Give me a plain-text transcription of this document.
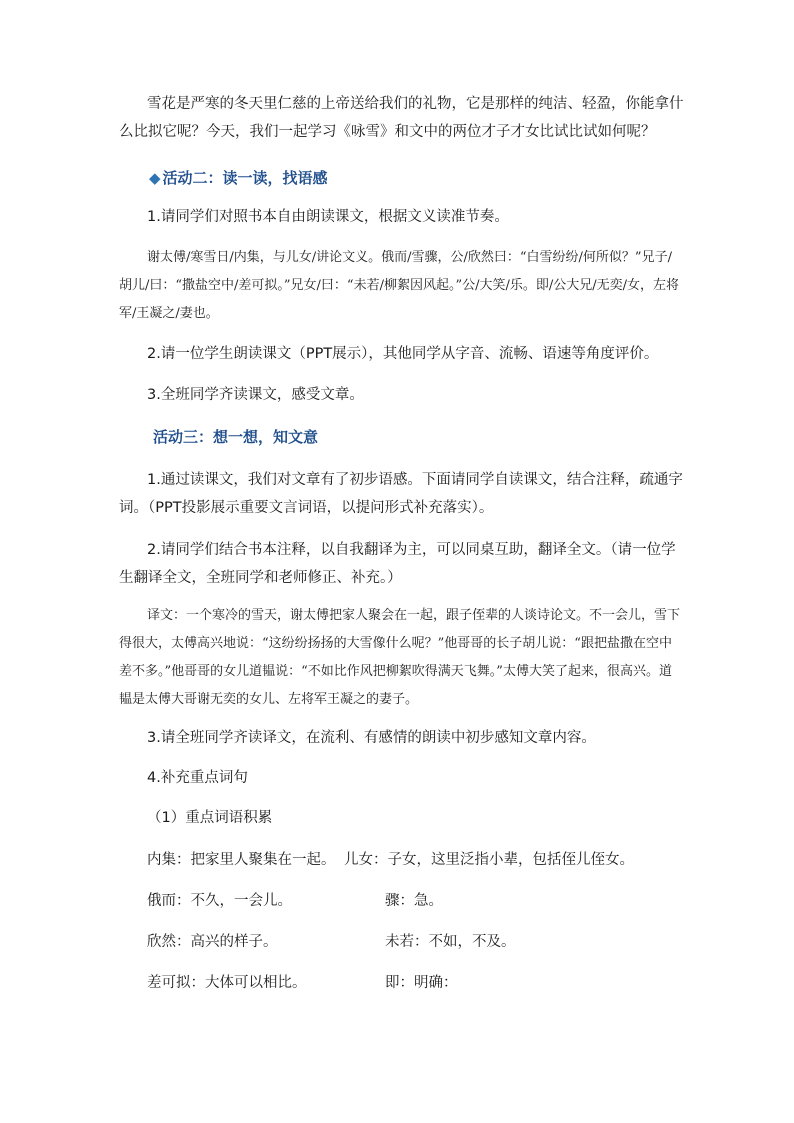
雪花是严寒的冬天里仁慈的上帝送给我们的礼物，它是那样的纯洁、轻盈，你能拿什么比拟它呢？今天，我们一起学习《咏雪》和文中的两位才子才女比试比试如何呢？
◆ 活动二：读一读，找语感
1.请同学们对照书本自由朗读课文，根据文义读准节奏。
谢太傅/寒雪日/内集，与儿女/讲论文义。俄而/雪骤，公/欣然曰：“白雪纷纷/何所似？”兄子/胡儿/曰：“撒盐空中/差可拟。”兄女/曰：“未若/柳絮因风起。”公/大笑/乐。即/公大兄/无奕/女，左将军/王凝之/妻也。
2.请一位学生朗读课文（PPT展示），其他同学从字音、流畅、语速等角度评价。
3.全班同学齐读课文，感受文章。
活动三：想一想，知文意
1.通过读课文，我们对文章有了初步语感。下面请同学自读课文，结合注释，疏通字词。（PPT投影展示重要文言词语，以提问形式补充落实）。
2.请同学们结合书本注释，以自我翻译为主，可以同桌互助，翻译全文。（请一位学生翻译全文，全班同学和老师修正、补充。）
译文：一个寒冷的雪天，谢太傅把家人聚会在一起，跟子侄辈的人谈诗论文。不一会儿，雪下得很大，太傅高兴地说：“这纷纷扬扬的大雪像什么呢？”他哥哥的长子胡儿说：“跟把盐撒在空中差不多。”他哥哥的女儿道韫说：“不如比作风把柳絮吹得满天飞舞。”太傅大笑了起来，很高兴。道韫是太傅大哥谢无奕的女儿、左将军王凝之的妻子。
3.请全班同学齐读译文，在流利、有感情的朗读中初步感知文章内容。
4.补充重点词句
（1）重点词语积累
内集：把家里人聚集在一起。 儿女：子女，这里泛指小辈，包括侄儿侄女。
俄而：不久，一会儿。	骤：急。
欣然：高兴的样子。	未若：不如，不及。
差可拟：大体可以相比。	即：明确：
